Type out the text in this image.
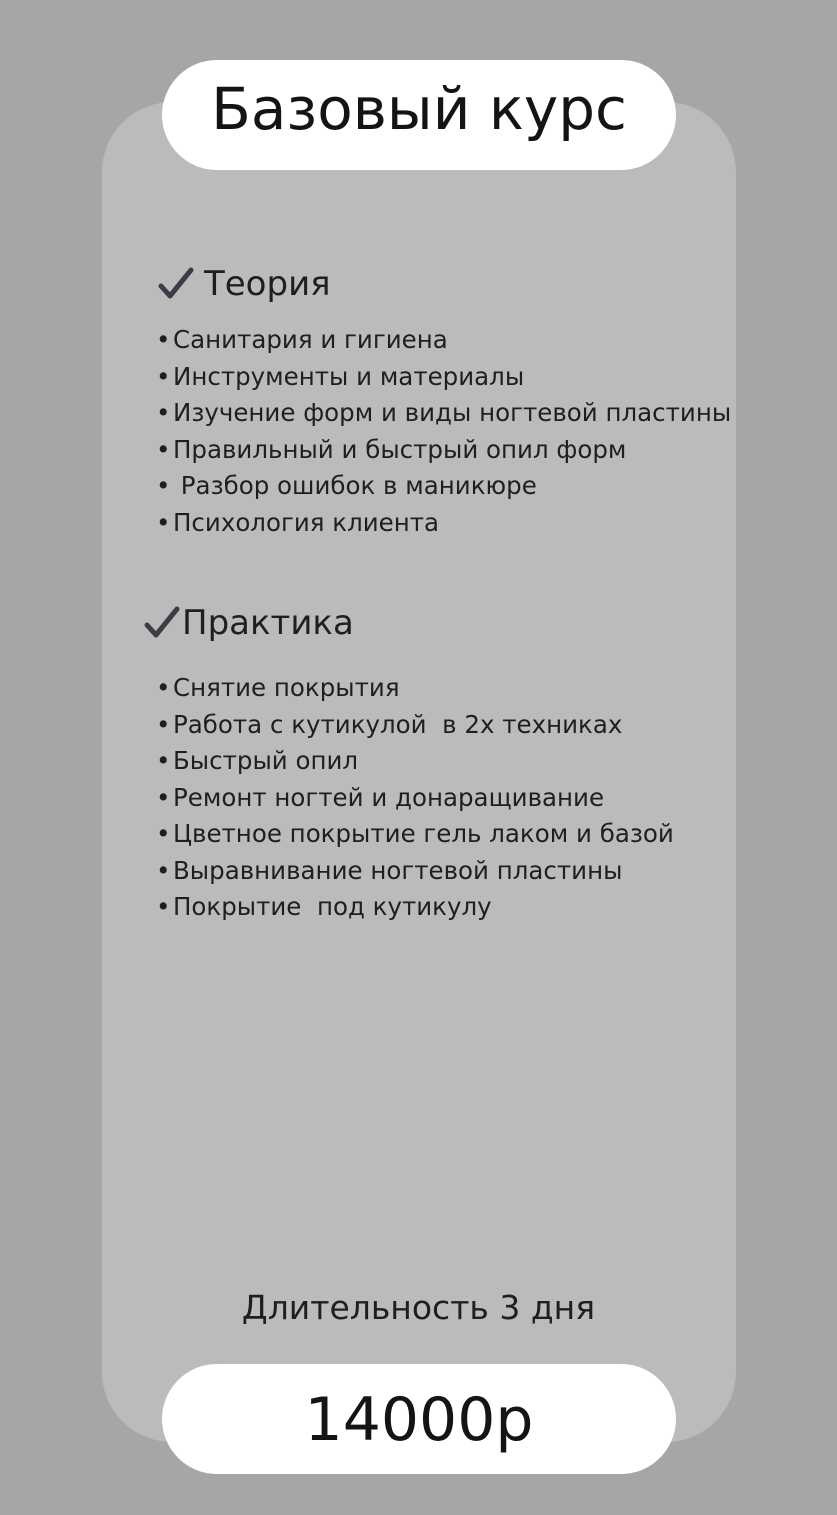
Базовый курс
Теория
• Санитария и гигиена
• Инструменты и материалы
• Изучение форм и виды ногтевой пластины
• Правильный и быстрый опил форм
• Разбор ошибок в маникюре
• Психология клиента
Практика
• Снятие покрытия
• Работа с кутикулой  в 2х техниках
• Быстрый опил
• Ремонт ногтей и донаращивание
• Цветное покрытие гель лаком и базой
• Выравнивание ногтевой пластины
• Покрытие  под кутикулу
Длительность 3 дня
14000р
